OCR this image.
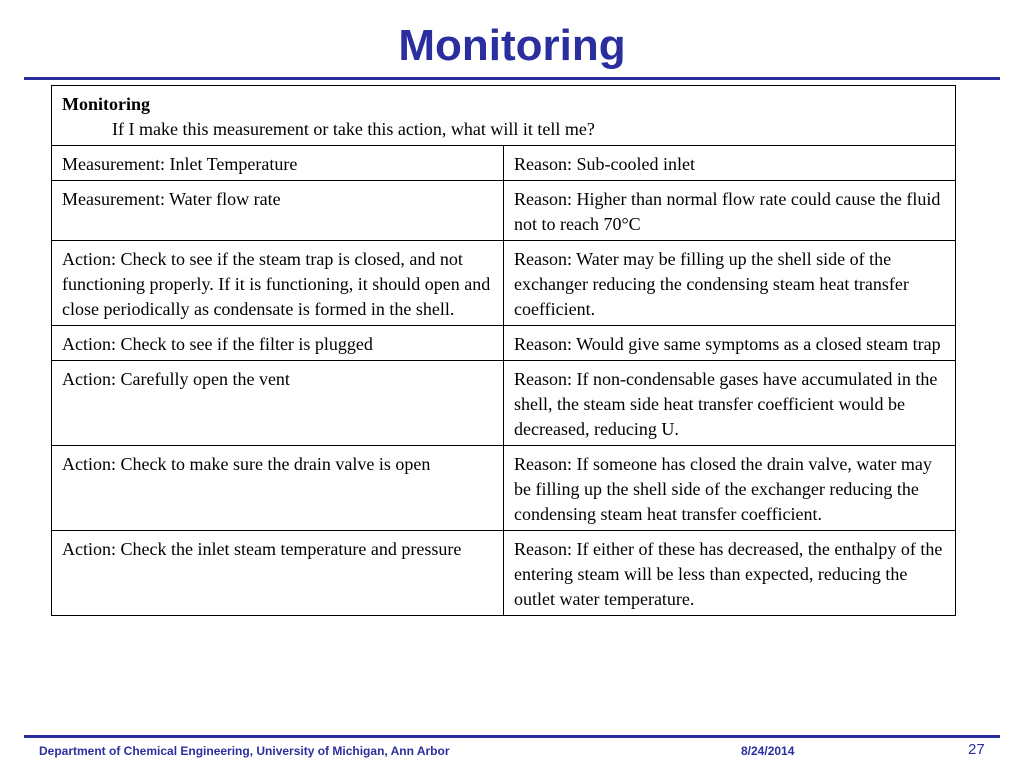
Monitoring
Monitoring
If I make this measurement or take this action, what will it tell me?	

Measurement: Inlet Temperature	Reason: Sub-cooled inlet
Measurement: Water flow rate	Reason: Higher than normal flow rate could cause the fluid not to reach 70°C
Action: Check to see if the steam trap is closed, and not functioning properly. If it is functioning, it should open and close periodically as condensate is formed in the shell.	Reason: Water may be filling up the shell side of the exchanger reducing the condensing steam heat transfer coefficient.
Action: Check to see if the filter is plugged	Reason: Would give same symptoms as a closed steam trap
Action: Carefully open the vent	Reason: If non-condensable gases have accumulated in the shell, the steam side heat transfer coefficient would be decreased, reducing U.
Action: Check to make sure the drain valve is open	Reason: If someone has closed the drain valve, water may be filling up the shell side of the exchanger reducing the condensing steam heat transfer coefficient.
Action: Check the inlet steam temperature and pressure	Reason: If either of these has decreased, the enthalpy of the entering steam will be less than expected, reducing the outlet water temperature.
Department of Chemical Engineering, University of Michigan, Ann Arbor	8/24/2014	27
